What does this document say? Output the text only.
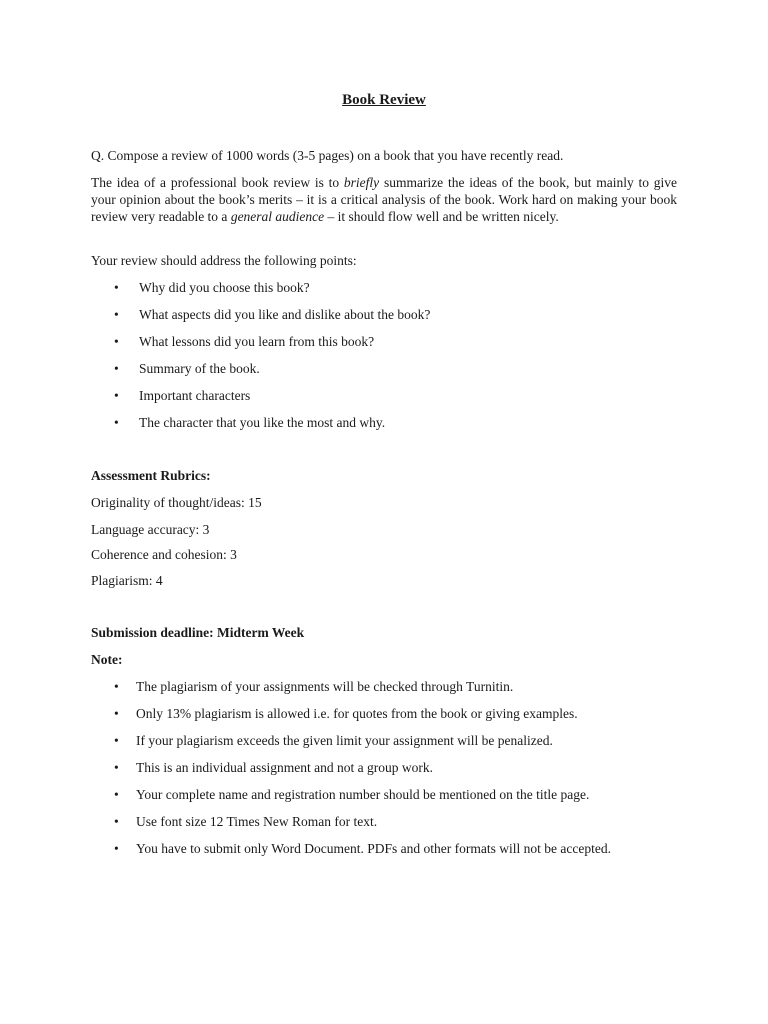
Book Review
Q. Compose a review of 1000 words (3-5 pages) on a book that you have recently read.
The idea of a professional book review is to briefly summarize the ideas of the book, but mainly to give your opinion about the book’s merits – it is a critical analysis of the book. Work hard on making your book review very readable to a general audience – it should flow well and be written nicely.
Your review should address the following points:
• Why did you choose this book?
• What aspects did you like and dislike about the book?
• What lessons did you learn from this book?
• Summary of the book.
• Important characters
• The character that you like the most and why.
Assessment Rubrics:
Originality of thought/ideas: 15
Language accuracy: 3
Coherence and cohesion: 3
Plagiarism: 4
Submission deadline: Midterm Week
Note:
• The plagiarism of your assignments will be checked through Turnitin.
• Only 13% plagiarism is allowed i.e. for quotes from the book or giving examples.
• If your plagiarism exceeds the given limit your assignment will be penalized.
• This is an individual assignment and not a group work.
• Your complete name and registration number should be mentioned on the title page.
• Use font size 12 Times New Roman for text.
• You have to submit only Word Document. PDFs and other formats will not be accepted.
